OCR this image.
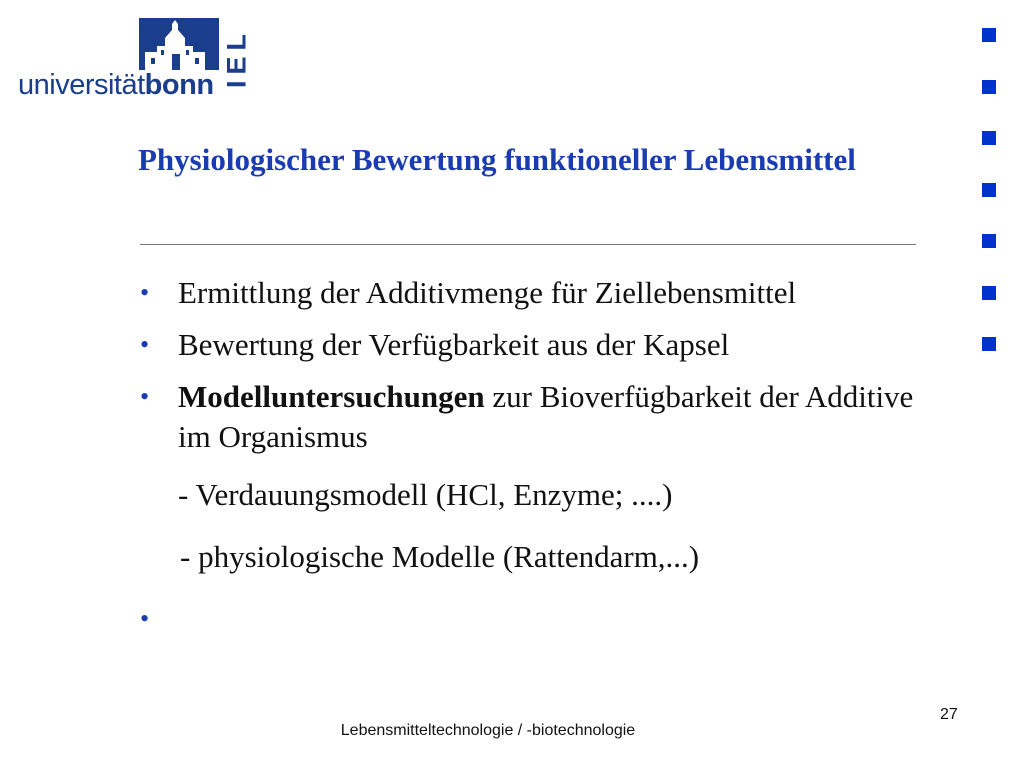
universitätbonn IEL
Physiologischer Bewertung funktioneller Lebensmittel
• Ermittlung der Additivmenge für Ziellebensmittel
• Bewertung der Verfügbarkeit aus der Kapsel
• Modelluntersuchungen zur Bioverfügbarkeit der Additive im Organismus
- Verdauungsmodell (HCl, Enzyme; ....)
- physiologische Modelle (Rattendarm,...)
•
Lebensmitteltechnologie / -biotechnologie
27
